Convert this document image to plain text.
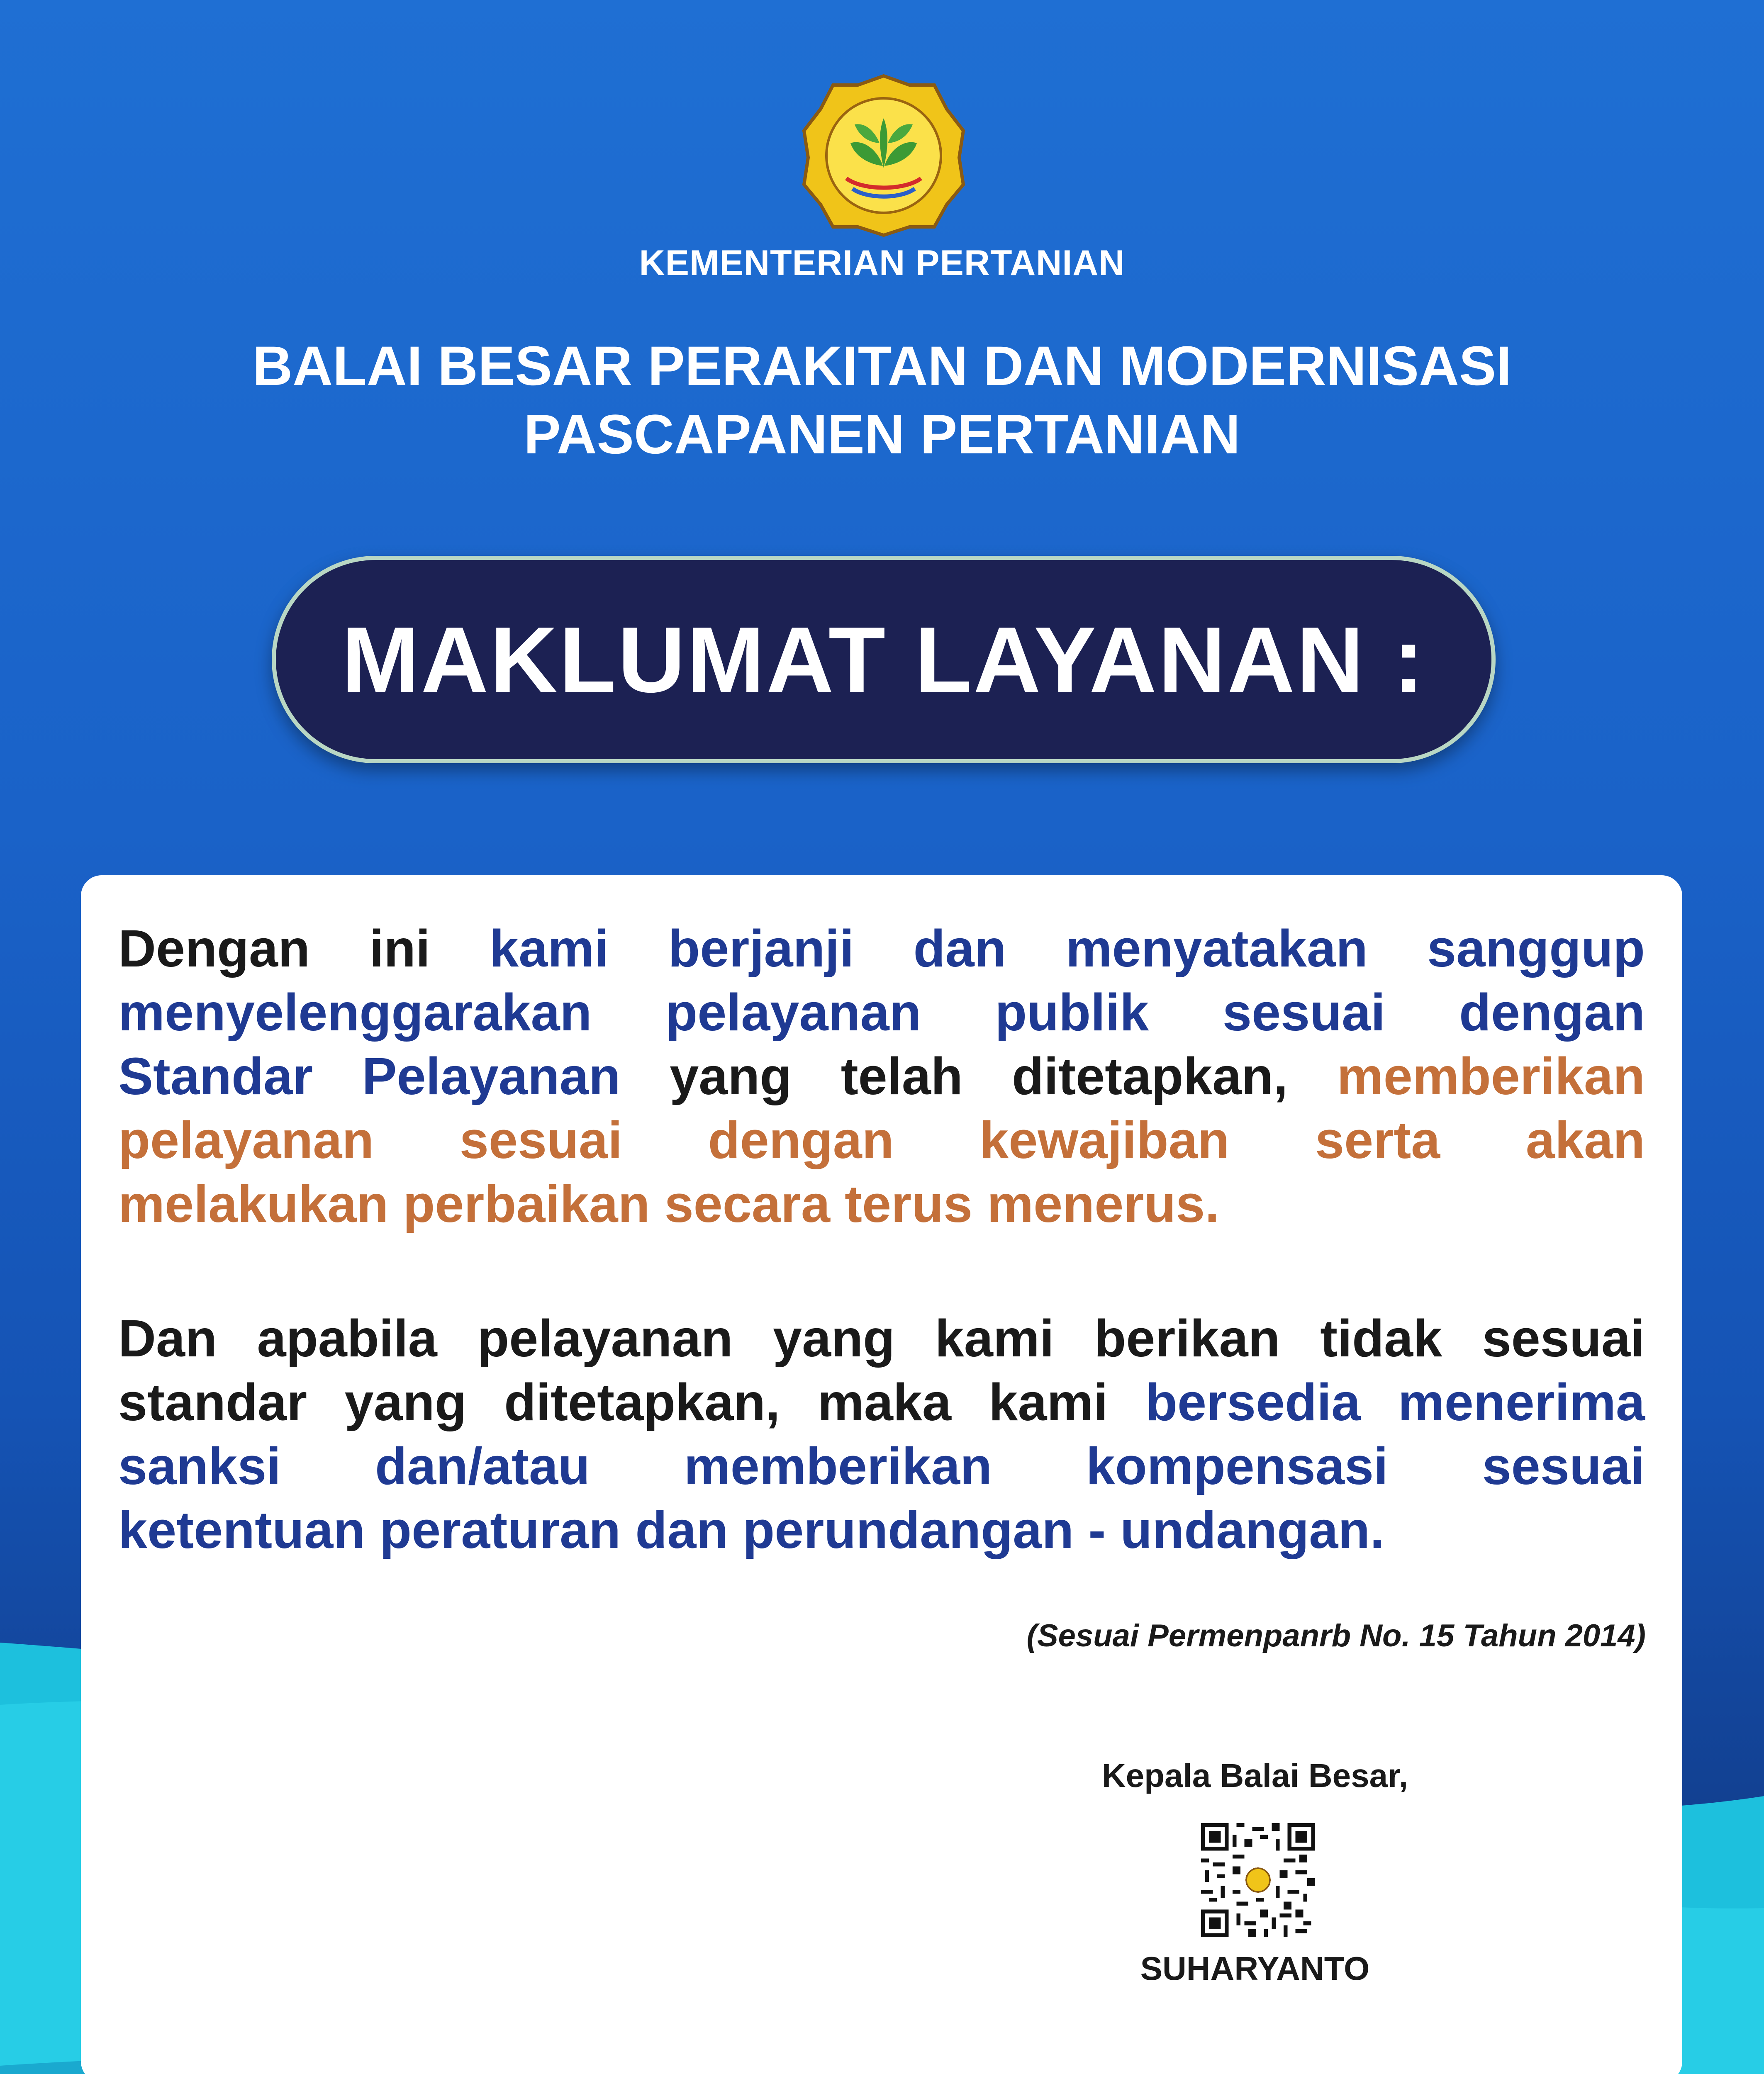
KEMENTERIAN PERTANIAN
BALAI BESAR PERAKITAN DAN MODERNISASI
PASCAPANEN PERTANIAN
MAKLUMAT LAYANAN :
Dengan ini kami berjanji dan menyatakan sanggup
menyelenggarakan pelayanan publik sesuai dengan
Standar Pelayanan yang telah ditetapkan, memberikan
pelayanan sesuai dengan kewajiban serta akan
melakukan perbaikan secara terus menerus.
Dan apabila pelayanan yang kami berikan tidak sesuai
standar yang ditetapkan, maka kami bersedia menerima
sanksi dan/atau memberikan kompensasi sesuai
ketentuan peraturan dan perundangan - undangan.
(Sesuai Permenpanrb No. 15 Tahun 2014)
Kepala Balai Besar,
SUHARYANTO
